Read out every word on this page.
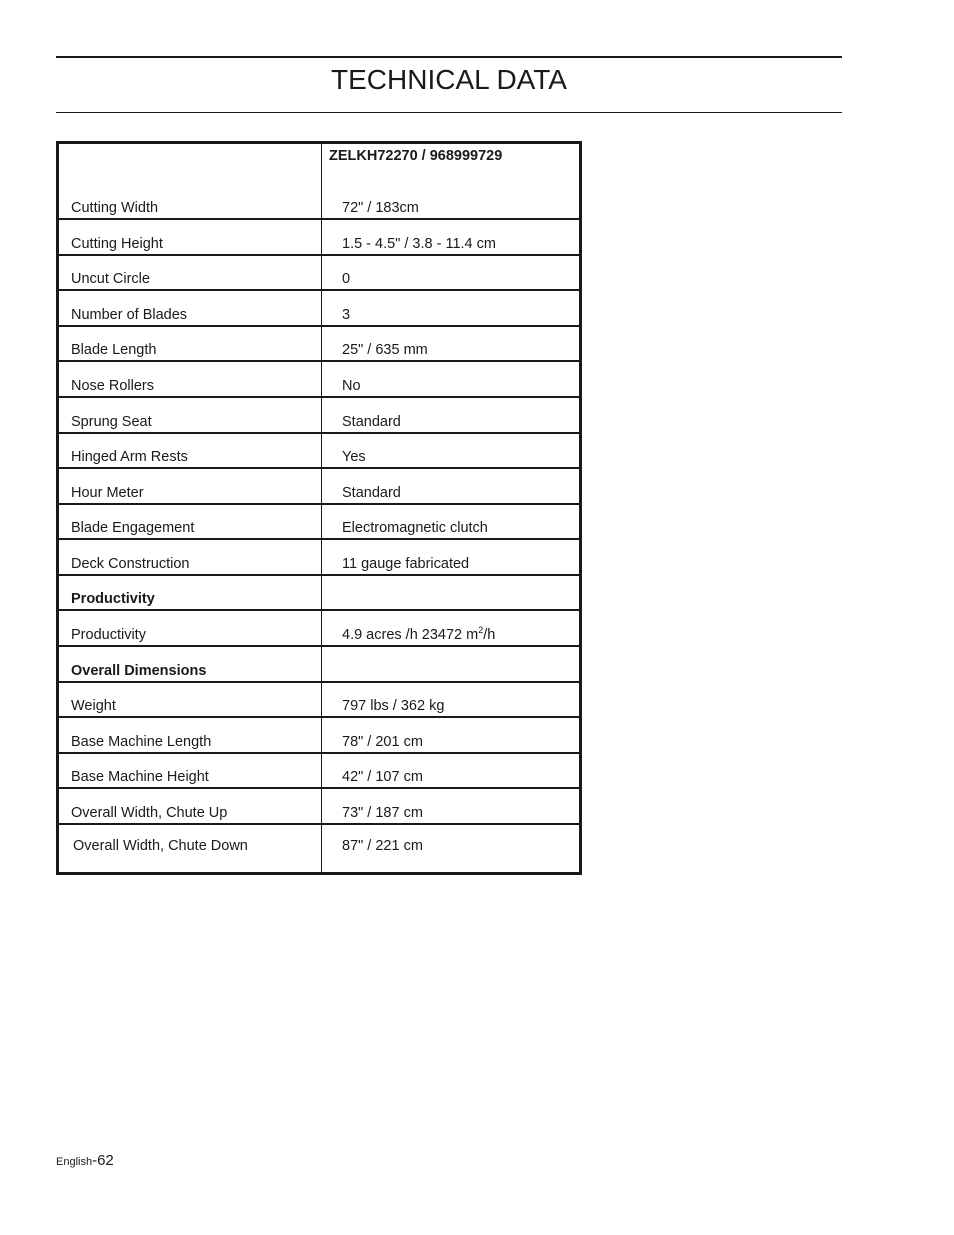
TECHNICAL DATA
ZELKH72270 / 968999729
Cutting Width	72" / 183cm
Cutting Height	1.5 - 4.5" / 3.8 - 11.4 cm
Uncut Circle	0
Number of Blades	3
Blade Length	25" / 635 mm
Nose Rollers	No
Sprung Seat	Standard
Hinged Arm Rests	Yes
Hour Meter	Standard
Blade Engagement	Electromagnetic clutch
Deck Construction	11 gauge fabricated
Productivity
Productivity	4.9 acres /h 23472 $m^2/h$
Overall Dimensions
Weight	797 lbs / 362 kg
Base Machine Length	78" / 201 cm
Base Machine Height	42" / 107 cm
Overall Width, Chute Up	73" / 187 cm
Overall Width, Chute Down	87" / 221 cm
English-62
